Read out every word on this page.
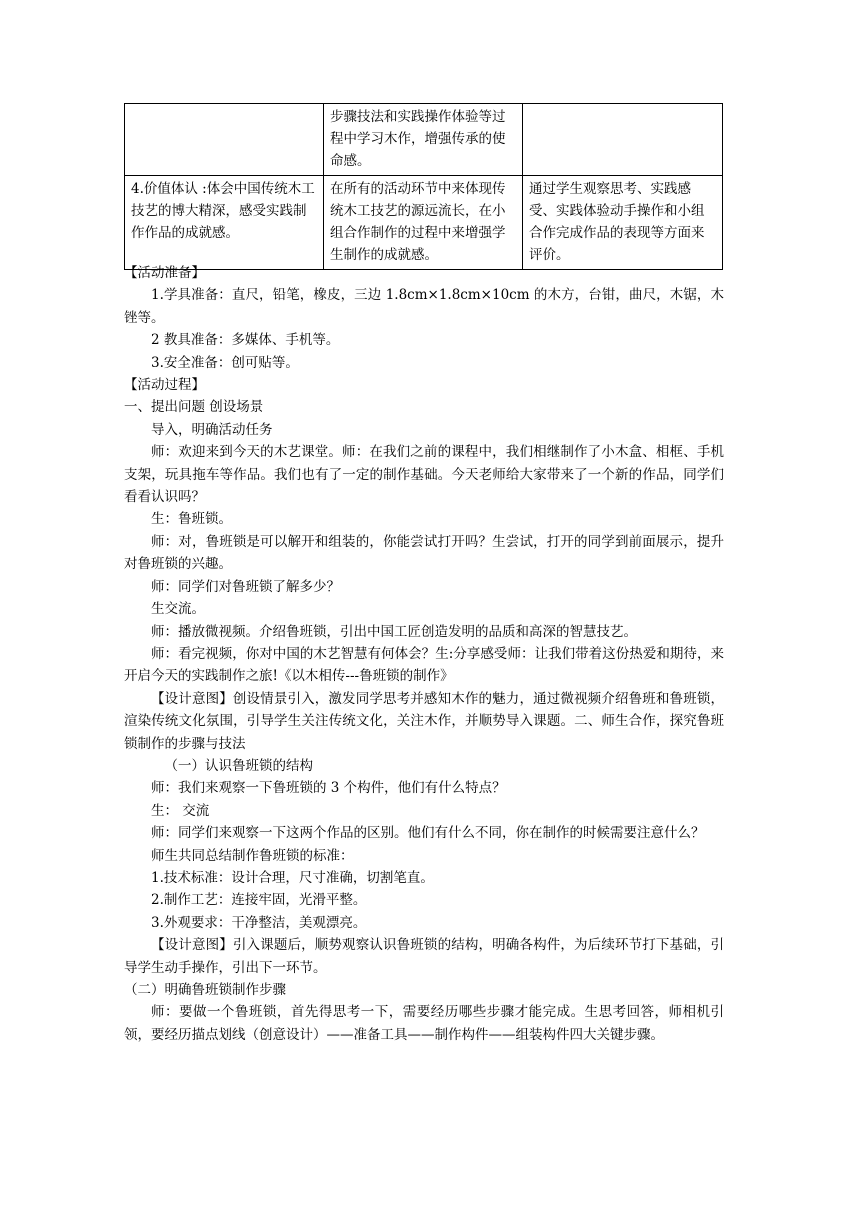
	步骤技法和实践操作体验等过程中学习木作，增强传承的使命感。	
4.价值体认 :体会中国传统木工技艺的博大精深，感受实践制作作品的成就感。	在所有的活动环节中来体现传统木工技艺的源远流长，在小组合作制作的过程中来增强学生制作的成就感。	通过学生观察思考、实践感受、实践体验动手操作和小组合作完成作品的表现等方面来评价。

【活动准备】

1.学具准备：直尺，铅笔，橡皮，三边 1.8cm×1.8cm×10cm 的木方，台钳，曲尺，木锯，木锉等。

2 教具准备：多媒体、手机等。

3.安全准备：创可贴等。

【活动过程】

一、提出问题 创设场景

导入，明确活动任务

师：欢迎来到今天的木艺课堂。师：在我们之前的课程中，我们相继制作了小木盒、相框、手机支架，玩具拖车等作品。我们也有了一定的制作基础。今天老师给大家带来了一个新的作品，同学们看看认识吗？

生：鲁班锁。

师：对，鲁班锁是可以解开和组装的，你能尝试打开吗？生尝试，打开的同学到前面展示，提升对鲁班锁的兴趣。

师：同学们对鲁班锁了解多少？

生交流。

师：播放微视频。介绍鲁班锁，引出中国工匠创造发明的品质和高深的智慧技艺。

师：看完视频，你对中国的木艺智慧有何体会？生:分享感受师：让我们带着这份热爱和期待，来开启今天的实践制作之旅!《以木相传---鲁班锁的制作》

【设计意图】创设情景引入，激发同学思考并感知木作的魅力，通过微视频介绍鲁班和鲁班锁，渲染传统文化氛围，引导学生关注传统文化，关注木作，并顺势导入课题。二、师生合作，探究鲁班锁制作的步骤与技法

（一）认识鲁班锁的结构

师：我们来观察一下鲁班锁的 3 个构件，他们有什么特点？

生： 交流

师：同学们来观察一下这两个作品的区别。他们有什么不同，你在制作的时候需要注意什么？

师生共同总结制作鲁班锁的标准：

1.技术标准：设计合理，尺寸准确，切割笔直。

2.制作工艺：连接牢固，光滑平整。

3.外观要求：干净整洁，美观漂亮。

【设计意图】引入课题后，顺势观察认识鲁班锁的结构，明确各构件，为后续环节打下基础，引导学生动手操作，引出下一环节。

（二）明确鲁班锁制作步骤

师：要做一个鲁班锁，首先得思考一下，需要经历哪些步骤才能完成。生思考回答，师相机引领，要经历描点划线（创意设计）——准备工具——制作构件——组装构件四大关键步骤。
